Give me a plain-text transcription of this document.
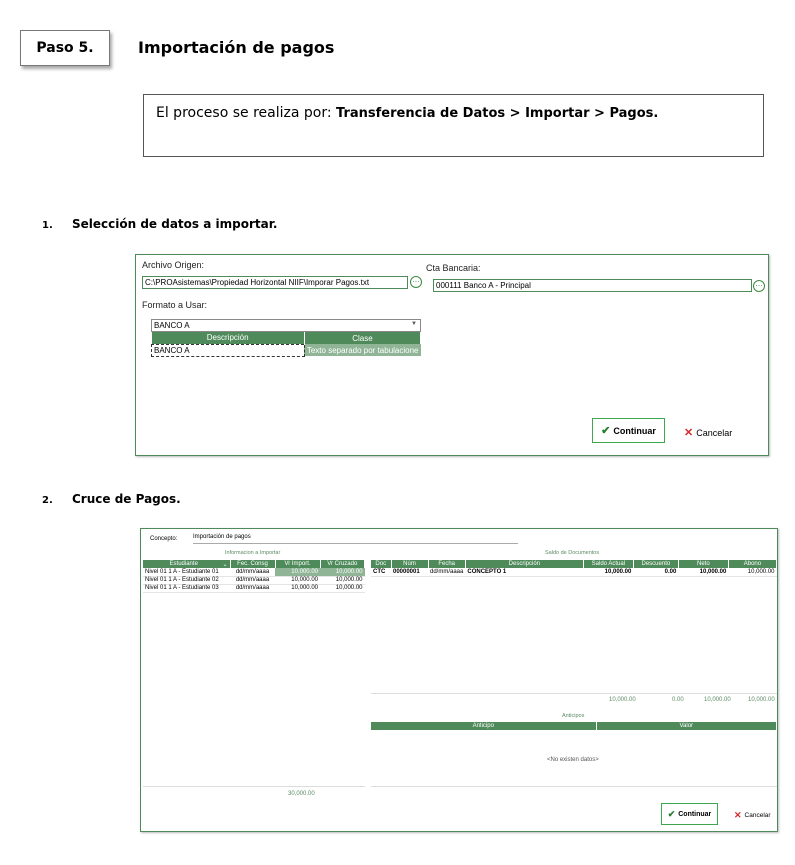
Paso 5.	Importación de pagos
El proceso se realiza por: Transferencia de Datos > Importar > Pagos.
1. Selección de datos a importar.
Archivo Origen:
C:\PROAsistemas\Propiedad Horizontal NIIF\Imporar Pagos.txt	⋯
Cta Bancaria:
000111 Banco A - Principal	⋯
Formato a Usar:
BANCO A	▼
Descripción	Clase
BANCO A	Texto separado por tabulacione
✔ Continuar	✕ Cancelar
2. Cruce de Pagos.
Concepto:	Importación de pagos
Informacion a Importar	Saldo de Documentos
Estudiante ⌄	Fec. Consg	Vr Import.	Vr Cruzado
Nivel 01 1 A - Estudiante 01	dd/mm/aaaa	10,000.00	10,000.00
Nivel 01 1 A - Estudiante 02	dd/mm/aaaa	10,000.00	10,000.00
Nivel 01 1 A - Estudiante 03	dd/mm/aaaa	10,000.00	10,000.00
Doc	Núm	Fecha	Descripción	Saldo Actual	Descuento	Neto	Abono
CTC	00000001	dd/mm/aaaa	CONCEPTO 1	10,000.00	0.00	10,000.00	10,000.00
10,000.00	0.00	10,000.00	10,000.00
Anticipos
Anticipo	Valor
<No existen datos>
30,000.00
✔ Continuar	✕ Cancelar
